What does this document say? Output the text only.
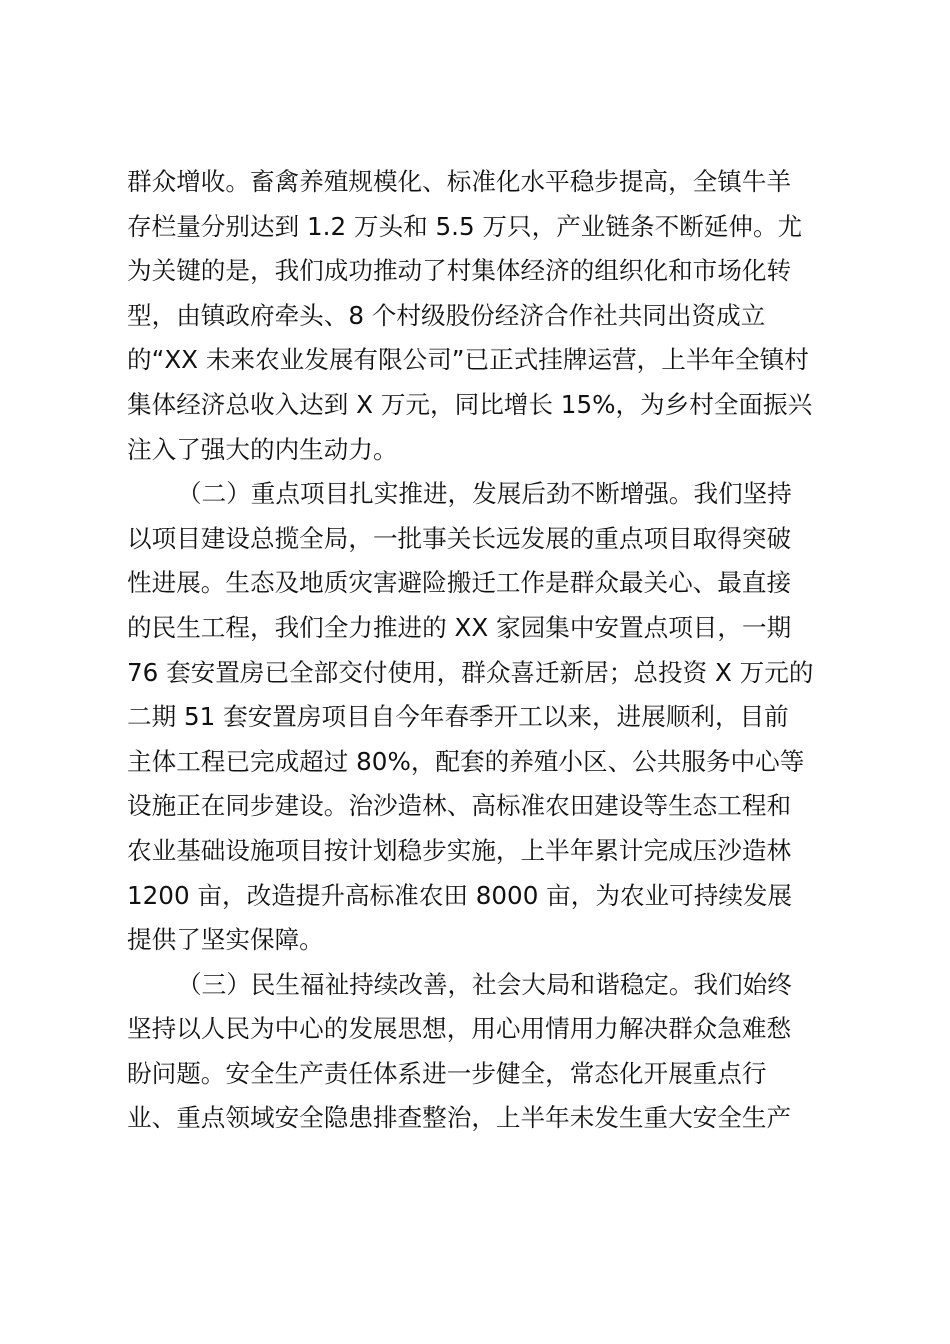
群众增收。畜禽养殖规模化、标准化水平稳步提高，全镇牛羊
存栏量分别达到 1.2 万头和 5.5 万只，产业链条不断延伸。尤
为关键的是，我们成功推动了村集体经济的组织化和市场化转
型，由镇政府牵头、8 个村级股份经济合作社共同出资成立
的“XX 未来农业发展有限公司”已正式挂牌运营，上半年全镇村
集体经济总收入达到 X 万元，同比增长 15%，为乡村全面振兴
注入了强大的内生动力。
（二）重点项目扎实推进，发展后劲不断增强。我们坚持
以项目建设总揽全局，一批事关长远发展的重点项目取得突破
性进展。生态及地质灾害避险搬迁工作是群众最关心、最直接
的民生工程，我们全力推进的 XX 家园集中安置点项目，一期
76 套安置房已全部交付使用，群众喜迁新居；总投资 X 万元的
二期 51 套安置房项目自今年春季开工以来，进展顺利，目前
主体工程已完成超过 80%，配套的养殖小区、公共服务中心等
设施正在同步建设。治沙造林、高标准农田建设等生态工程和
农业基础设施项目按计划稳步实施，上半年累计完成压沙造林
1200 亩，改造提升高标准农田 8000 亩，为农业可持续发展
提供了坚实保障。
（三）民生福祉持续改善，社会大局和谐稳定。我们始终
坚持以人民为中心的发展思想，用心用情用力解决群众急难愁
盼问题。安全生产责任体系进一步健全，常态化开展重点行
业、重点领域安全隐患排查整治，上半年未发生重大安全生产
